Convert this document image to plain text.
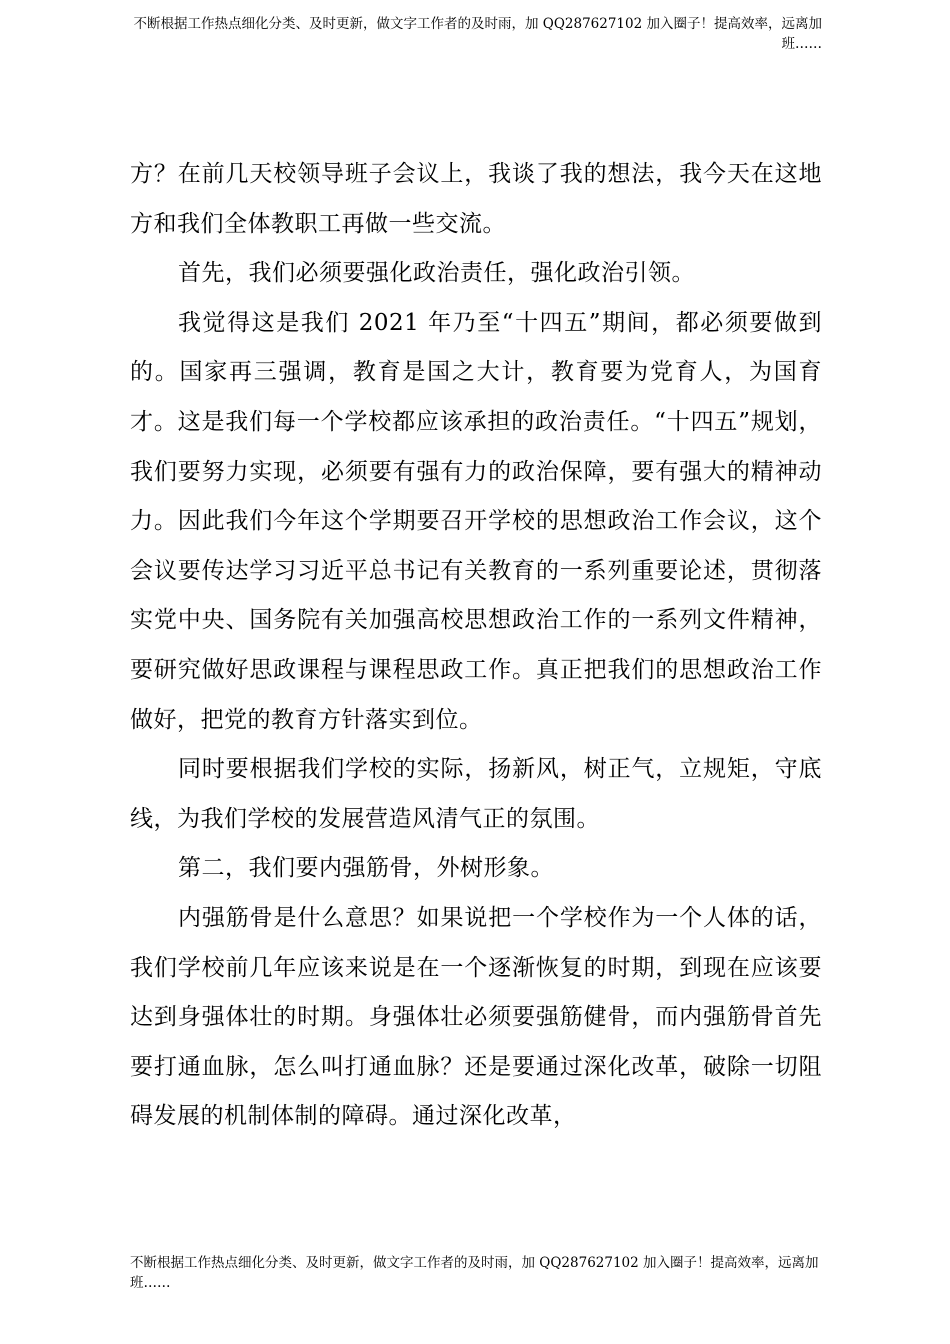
不断根据工作热点细化分类、及时更新，做文字工作者的及时雨，加 QQ287627102 加入圈子！提高效率，远离加班……

方？在前几天校领导班子会议上，我谈了我的想法，我今天在这地方和我们全体教职工再做一些交流。

首先，我们必须要强化政治责任，强化政治引领。

我觉得这是我们 2021 年乃至“十四五”期间，都必须要做到的。国家再三强调，教育是国之大计，教育要为党育人，为国育才。这是我们每一个学校都应该承担的政治责任。“十四五”规划，我们要努力实现，必须要有强有力的政治保障，要有强大的精神动力。因此我们今年这个学期要召开学校的思想政治工作会议，这个会议要传达学习习近平总书记有关教育的一系列重要论述，贯彻落实党中央、国务院有关加强高校思想政治工作的一系列文件精神，要研究做好思政课程与课程思政工作。真正把我们的思想政治工作做好，把党的教育方针落实到位。

同时要根据我们学校的实际，扬新风，树正气，立规矩，守底线，为我们学校的发展营造风清气正的氛围。

第二，我们要内强筋骨，外树形象。

内强筋骨是什么意思？如果说把一个学校作为一个人体的话，我们学校前几年应该来说是在一个逐渐恢复的时期，到现在应该要达到身强体壮的时期。身强体壮必须要强筋健骨，而内强筋骨首先要打通血脉，怎么叫打通血脉？还是要通过深化改革，破除一切阻碍发展的机制体制的障碍。通过深化改革，

不断根据工作热点细化分类、及时更新，做文字工作者的及时雨，加 QQ287627102 加入圈子！提高效率，远离加班……
